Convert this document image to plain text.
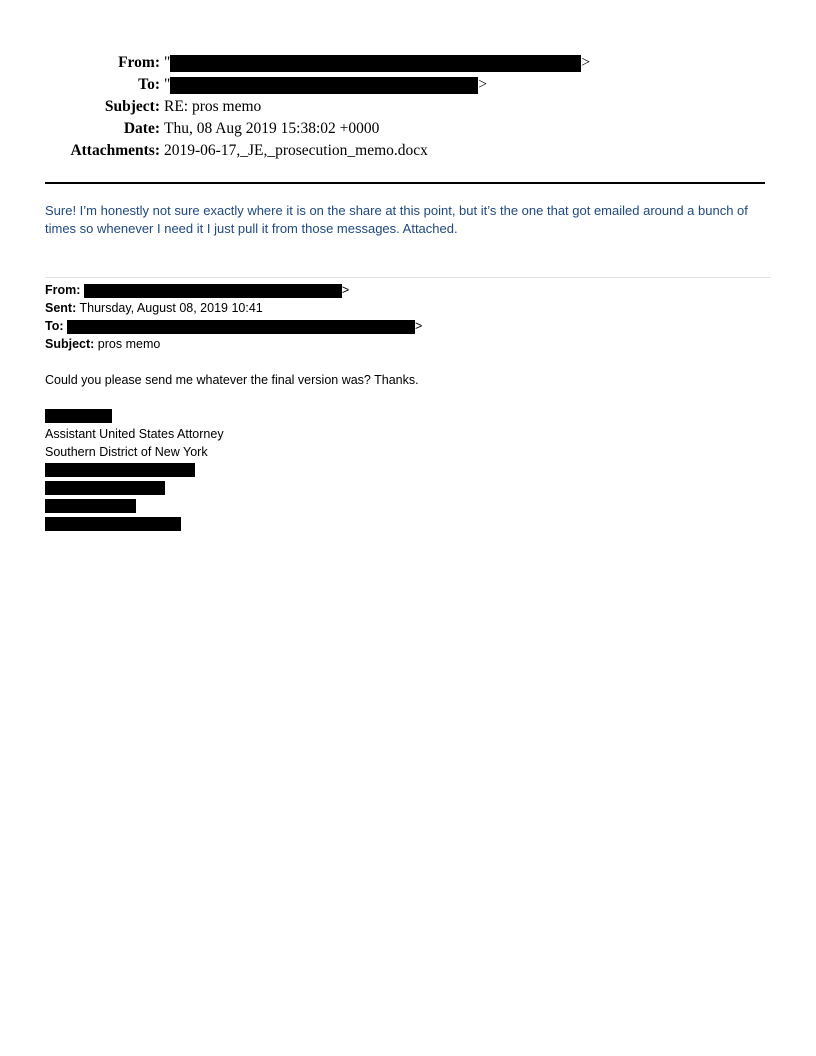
From: "	>
To: "	>
Subject: RE: pros memo
Date: Thu, 08 Aug 2019 15:38:02 +0000
Attachments: 2019-06-17,_JE,_prosecution_memo.docx
Sure! I’m honestly not sure exactly where it is on the share at this point, but it’s the one that got emailed around a bunch of times so whenever I need it I just pull it from those messages. Attached.
From:	>
Sent: Thursday, August 08, 2019 10:41
To:	>
Subject: pros memo
Could you please send me whatever the final version was? Thanks.
Assistant United States Attorney
Southern District of New York
